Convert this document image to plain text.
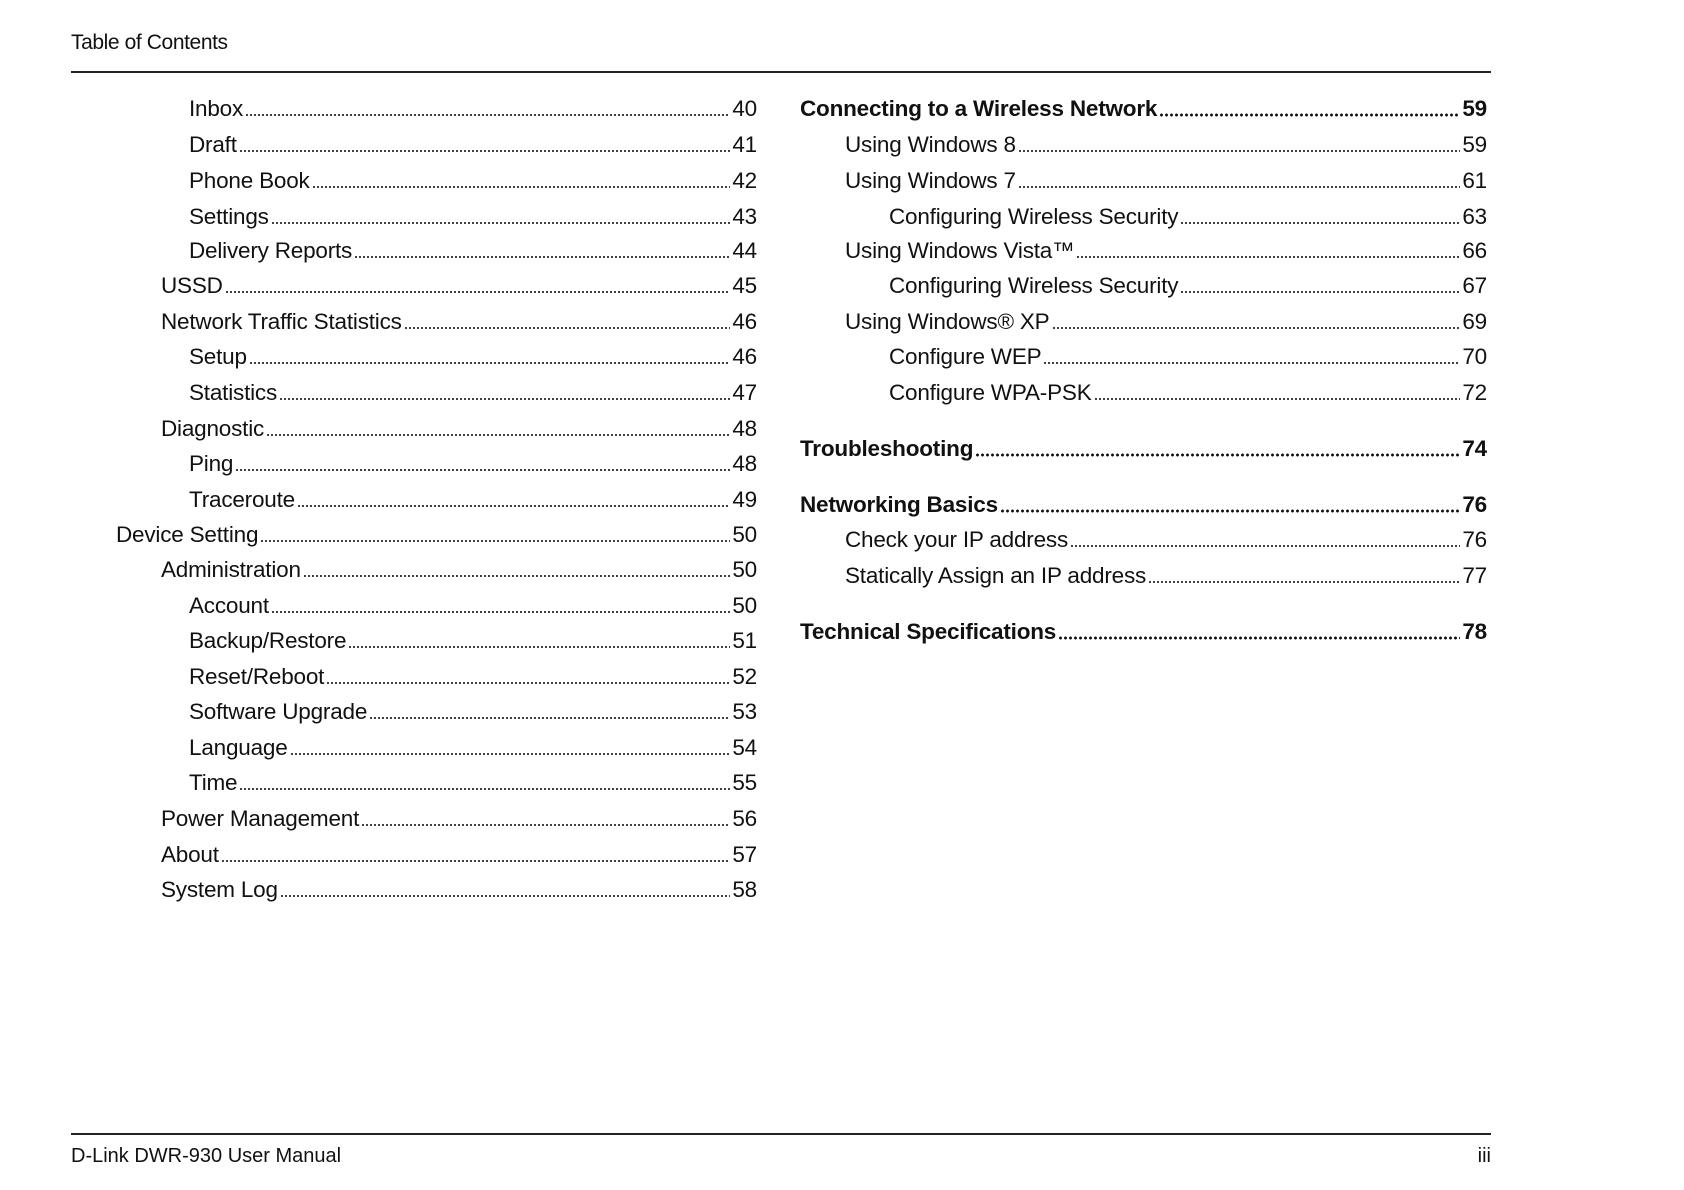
Table of Contents
Inbox	40
Draft	41
Phone Book	42
Settings	43
Delivery Reports	44
USSD	45
Network Traffic Statistics	46
Setup	46
Statistics	47
Diagnostic	48
Ping	48
Traceroute	49
Device Setting	50
Administration	50
Account	50
Backup/Restore	51
Reset/Reboot	52
Software Upgrade	53
Language	54
Time	55
Power Management	56
About	57
System Log	58
Connecting to a Wireless Network	59
Using Windows 8	59
Using Windows 7	61
Configuring Wireless Security	63
Using Windows Vista™	66
Configuring Wireless Security	67
Using Windows® XP	69
Configure WEP	70
Configure WPA-PSK	72
Troubleshooting	74
Networking Basics	76
Check your IP address	76
Statically Assign an IP address	77
Technical Specifications	78
D-Link DWR-930 User Manual	iii
